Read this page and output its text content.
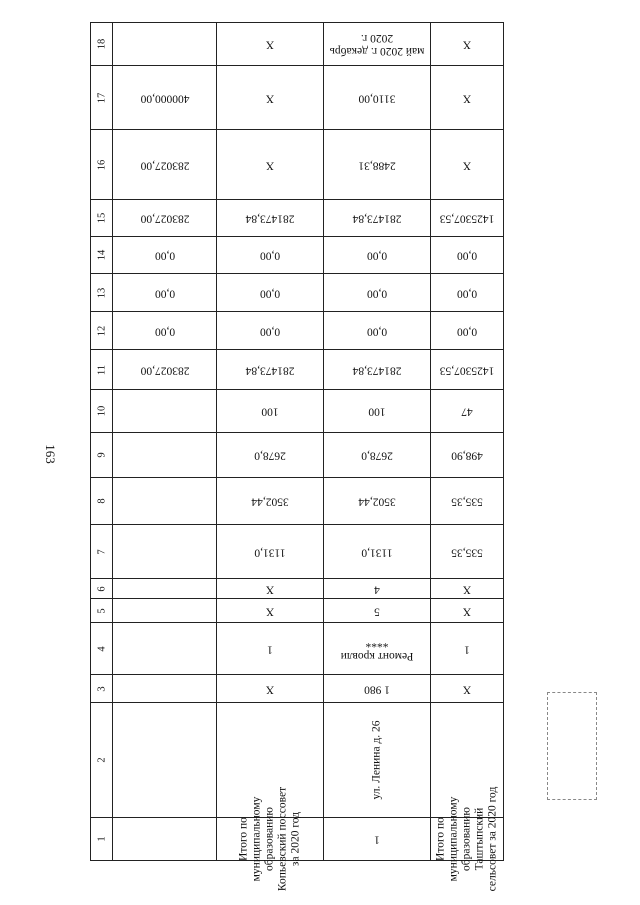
163
18		Х	май 2020 г. декабрь 2020 г.	Х

17	400000,00	Х	3110,00	Х

16	283027,00	Х	2488,31	Х

15	283027,00	281473,84	281473,84	1425307,53

14	0,00	0,00	0,00	0,00

13	0,00	0,00	0,00	0,00

12	0,00	0,00	0,00	0,00

11	283027,00	281473,84	281473,84	1425307,53

10		100	100	47

9		2678,0	2678,0	498,90

8		3502,44	3502,44	535,35

7		1131,0	1131,0	535,35

6		Х	4	Х

5		Х	5	Х

4		1	Ремонт кровли ****	1

3		Х	1 980	Х

2			ул. Ленина д. 26	

1		Итого по муниципальному образованию Копьевский поссовет за 2020 год	1	Итого по муниципальному образованию Таштыпский сельсовет за 2020 год
